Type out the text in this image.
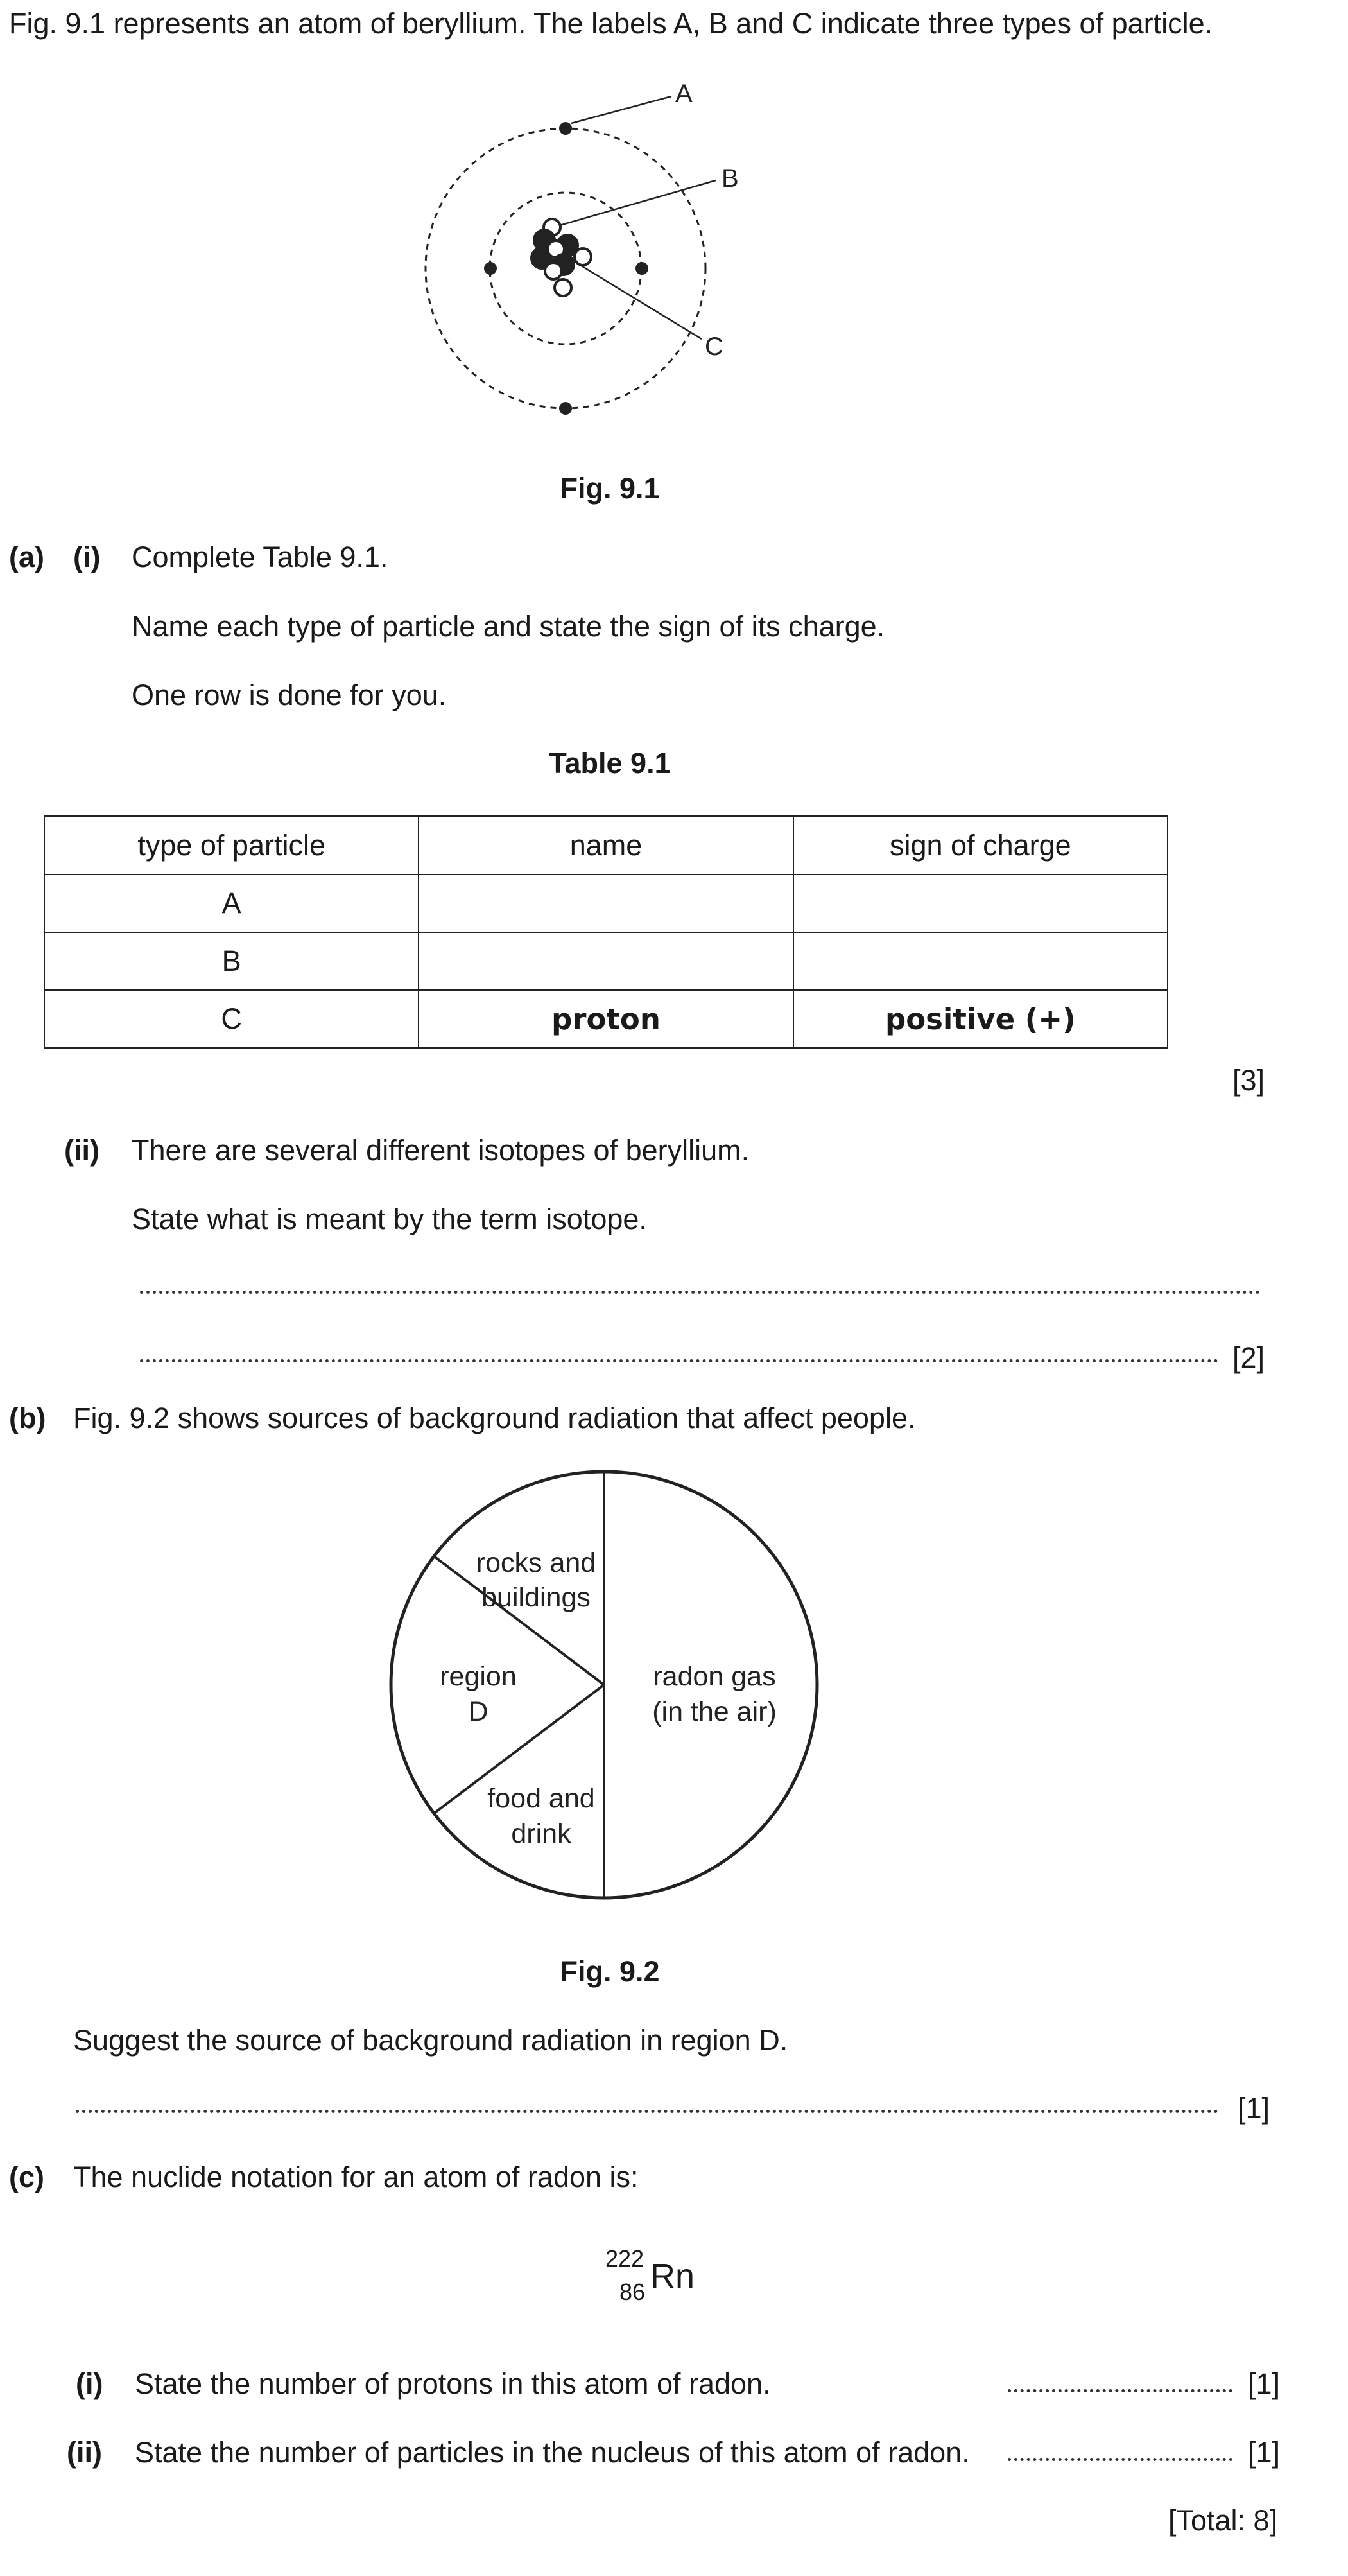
Fig. 9.1 represents an atom of beryllium. The labels A, B and C indicate three types of particle.
A
B
C
Fig. 9.1
(a) (i) Complete Table 9.1.
Name each type of particle and state the sign of its charge.
One row is done for you.
Table 9.1
type of particle	name	sign of charge
A		
B		
C	proton	positive (+)
[3]
(ii) There are several different isotopes of beryllium.
State what is meant by the term isotope.
[2]
(b) Fig. 9.2 shows sources of background radiation that affect people.
rocks and
buildings
region
D
food and
drink
radon gas
(in the air)
Fig. 9.2
Suggest the source of background radiation in region D.
[1]
(c) The nuclide notation for an atom of radon is:
222
86 Rn
(i) State the number of protons in this atom of radon.	[1]
(ii) State the number of particles in the nucleus of this atom of radon.	[1]
[Total: 8]
